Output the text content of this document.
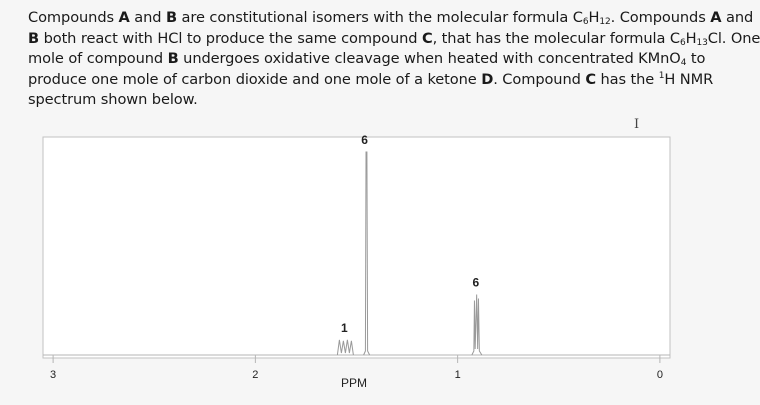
Compounds A and B are constitutional isomers with the molecular formula $C_6H_{12}$. Compounds A and
B both react with HCl to produce the same compound C, that has the molecular formula $C_6H_{13}Cl$. One
mole of compound B undergoes oxidative cleavage when heated with concentrated KMnO$_4$ to
produce one mole of carbon dioxide and one mole of a ketone D. Compound C has the $^1$H NMR
spectrum shown below.
I
3	2	1	0
1
6
6
PPM
